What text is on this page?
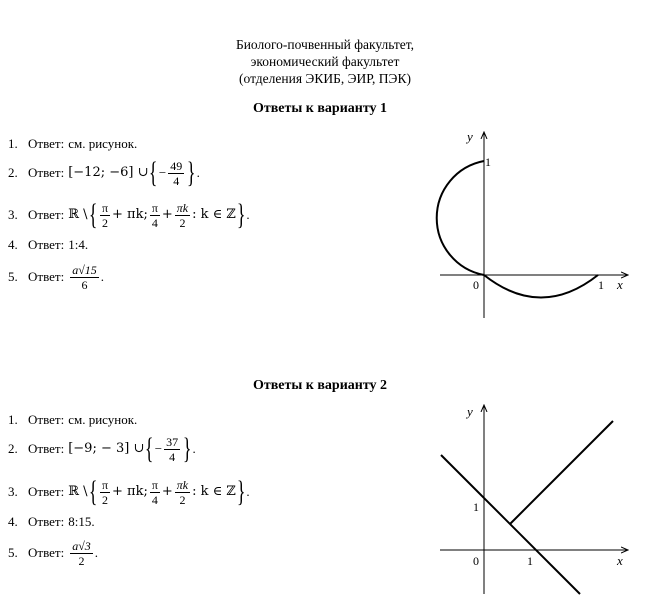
Биолого-почвенный факультет,
экономический факультет
(отделения ЭКИБ, ЭИР, ПЭК)
Ответы к варианту 1
1. Ответ: см. рисунок.
2. Ответ: [−12; −6] ∪ { − $\frac{49}{4}$ } .
3. Ответ: ℝ \ { $\frac{\pi}{2} + \pi k$; $\frac{\pi}{4} + \frac{\pi k}{2}$ : k ∈ ℤ } .
4. Ответ: 1:4.
5. Ответ: $\frac{a√15}{6}$ .
y
x
0
1
1
Ответы к варианту 2
1. Ответ: см. рисунок.
2. Ответ: [−9; − 3] ∪ { − $\frac{37}{4}$ } .
3. Ответ: ℝ \ { $\frac{\pi}{2} + \pi k$; $\frac{\pi}{4} + \frac{\pi k}{2}$ : k ∈ ℤ } .
4. Ответ: 8:15.
5. Ответ: $\frac{a√3}{2}$ .
y
x
0
1
1
